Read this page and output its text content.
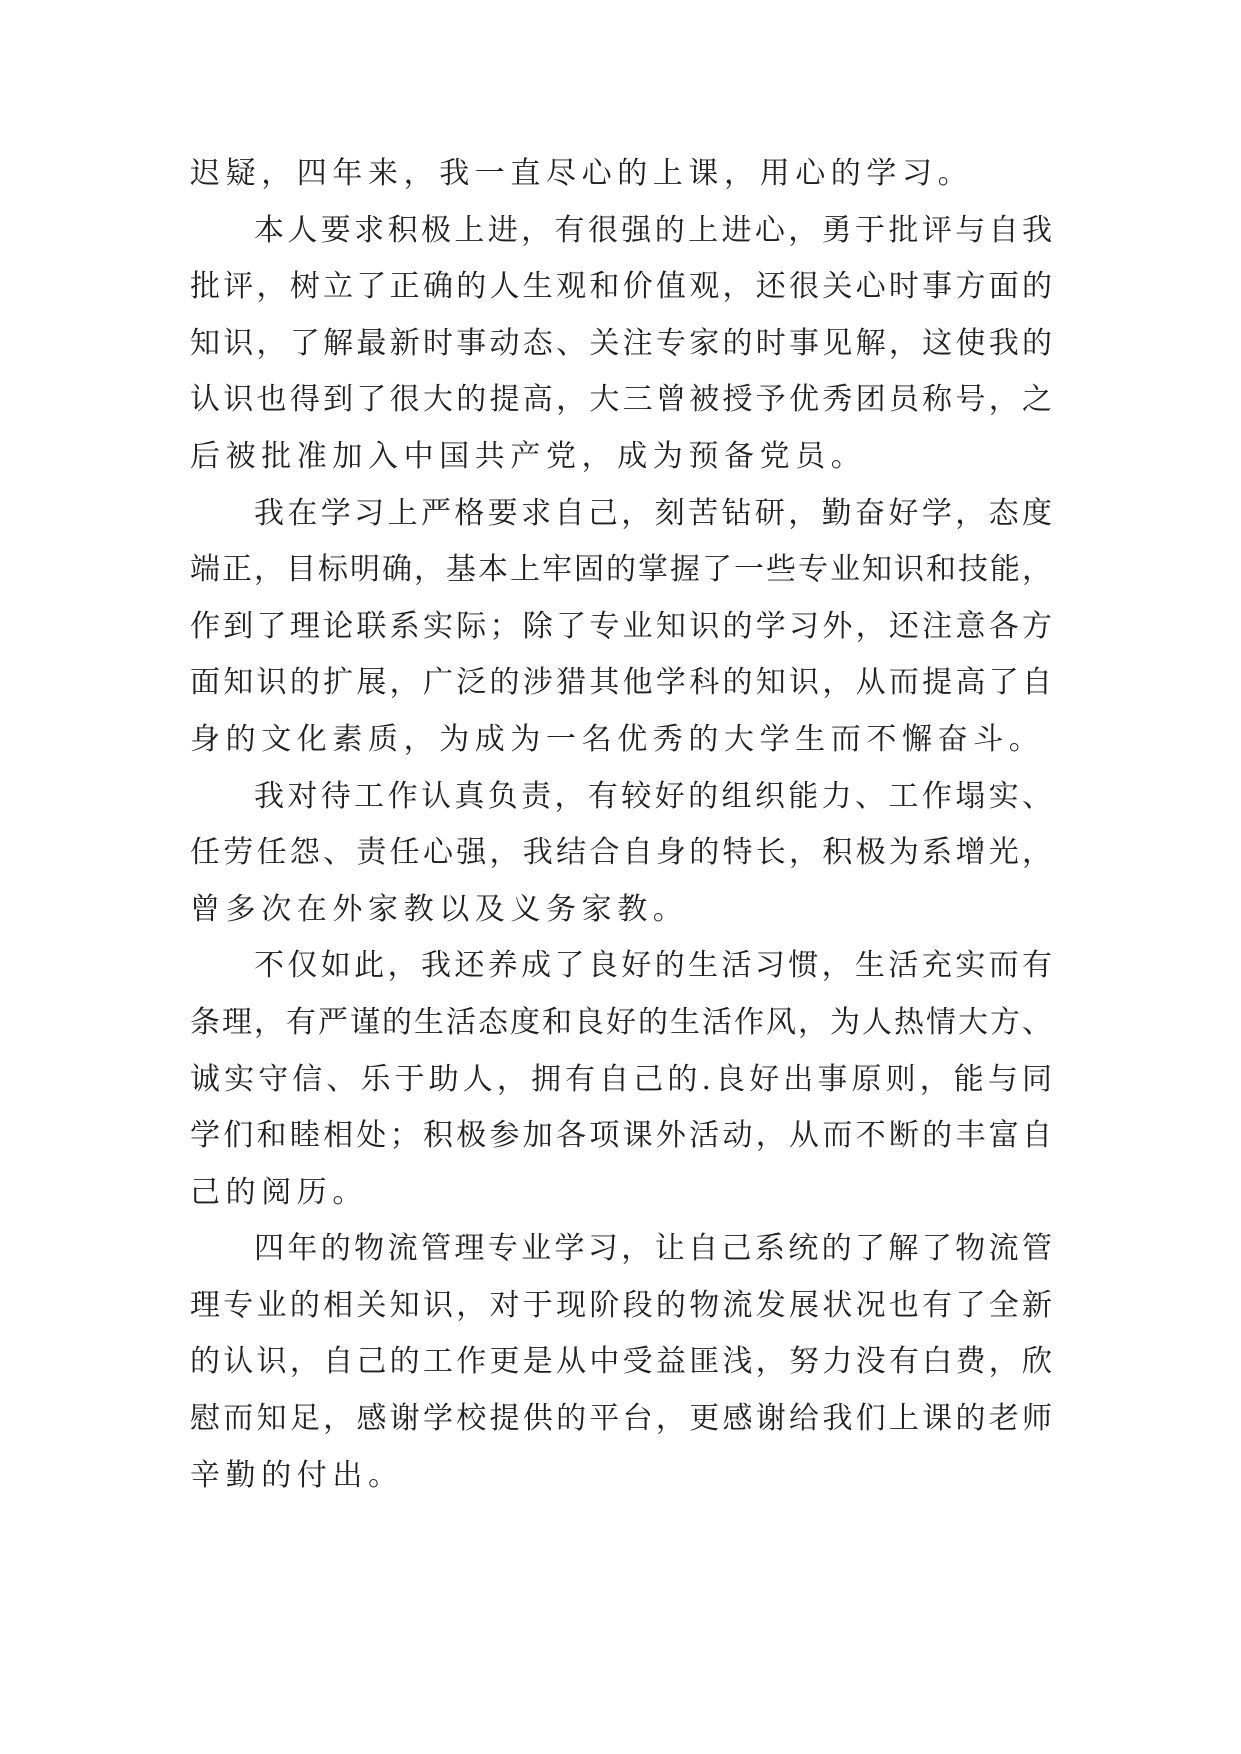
迟疑，四年来，我一直尽心的上课，用心的学习。
本人要求积极上进，有很强的上进心，勇于批评与自我
批评，树立了正确的人生观和价值观，还很关心时事方面的
知识，了解最新时事动态、关注专家的时事见解，这使我的
认识也得到了很大的提高，大三曾被授予优秀团员称号，之
后被批准加入中国共产党，成为预备党员。
我在学习上严格要求自己，刻苦钻研，勤奋好学，态度
端正，目标明确，基本上牢固的掌握了一些专业知识和技能，
作到了理论联系实际；除了专业知识的学习外，还注意各方
面知识的扩展，广泛的涉猎其他学科的知识，从而提高了自
身的文化素质，为成为一名优秀的大学生而不懈奋斗。
我对待工作认真负责，有较好的组织能力、工作塌实、
任劳任怨、责任心强，我结合自身的特长，积极为系增光，
曾多次在外家教以及义务家教。
不仅如此，我还养成了良好的生活习惯，生活充实而有
条理，有严谨的生活态度和良好的生活作风，为人热情大方、
诚实守信、乐于助人，拥有自己的.良好出事原则，能与同
学们和睦相处；积极参加各项课外活动，从而不断的丰富自
己的阅历。
四年的物流管理专业学习，让自己系统的了解了物流管
理专业的相关知识，对于现阶段的物流发展状况也有了全新
的认识，自己的工作更是从中受益匪浅，努力没有白费，欣
慰而知足，感谢学校提供的平台，更感谢给我们上课的老师
辛勤的付出。
